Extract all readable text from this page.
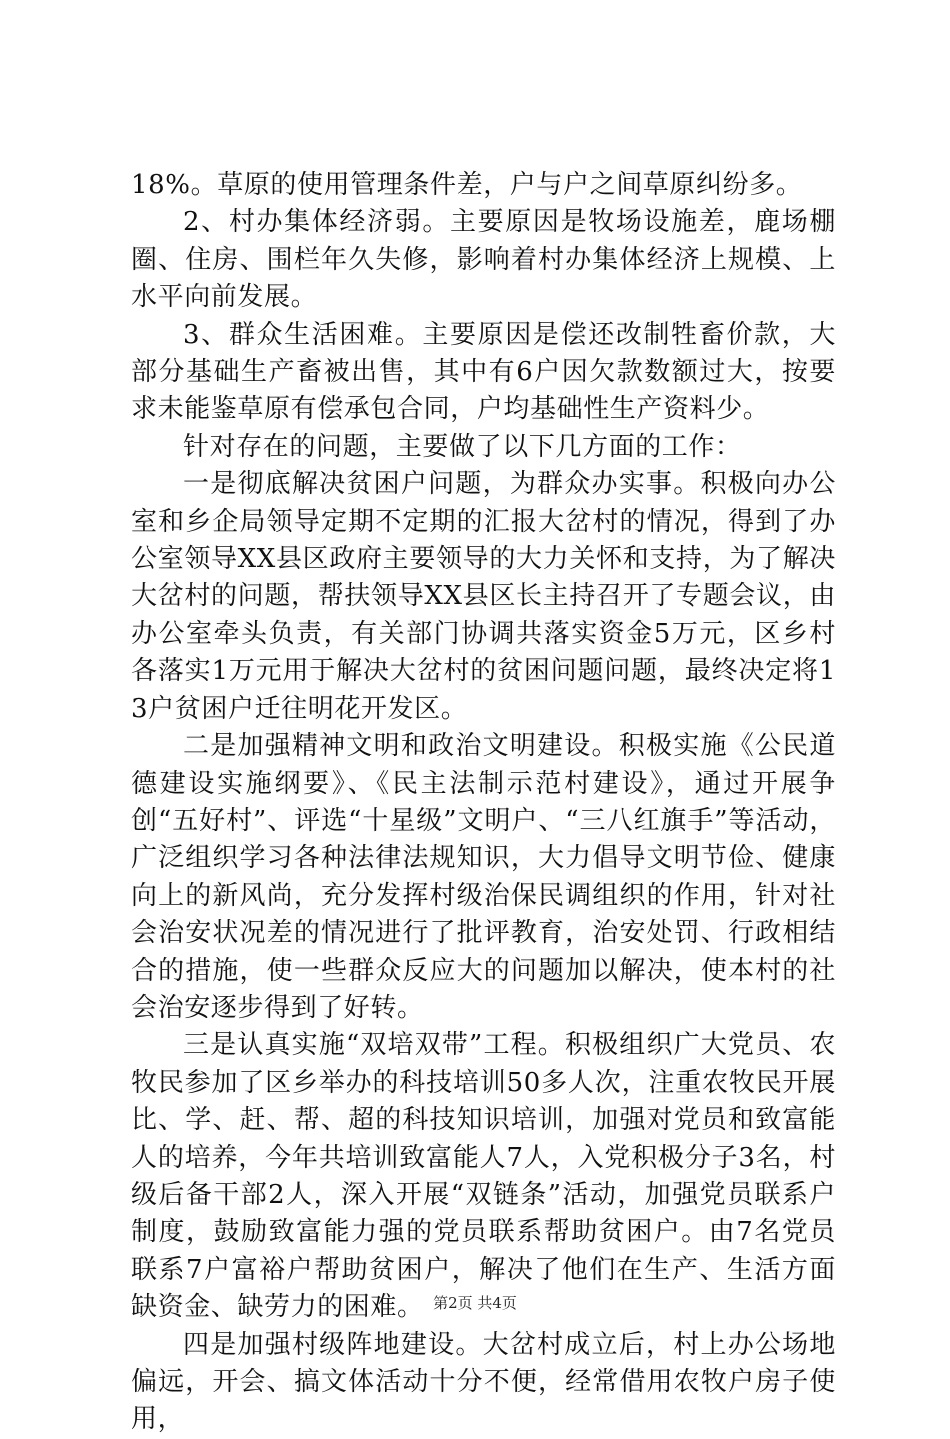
18%。草原的使用管理条件差，户与户之间草原纠纷多。

2、村办集体经济弱。主要原因是牧场设施差，鹿场棚圈、住房、围栏年久失修，影响着村办集体经济上规模、上水平向前发展。

3、群众生活困难。主要原因是偿还改制牲畜价款，大部分基础生产畜被出售，其中有6户因欠款数额过大，按要求未能鉴草原有偿承包合同，户均基础性生产资料少。

针对存在的问题，主要做了以下几方面的工作：

一是彻底解决贫困户问题，为群众办实事。积极向办公室和乡企局领导定期不定期的汇报大岔村的情况，得到了办公室领导XX县区政府主要领导的大力关怀和支持，为了解决大岔村的问题，帮扶领导XX县区长主持召开了专题会议，由办公室牵头负责，有关部门协调共落实资金5万元，区乡村各落实1万元用于解决大岔村的贫困问题问题，最终决定将13户贫困户迁往明花开发区。

二是加强精神文明和政治文明建设。积极实施《公民道德建设实施纲要》、《民主法制示范村建设》，通过开展争创“五好村”、评选“十星级”文明户、“三八红旗手”等活动，广泛组织学习各种法律法规知识，大力倡导文明节俭、健康向上的新风尚，充分发挥村级治保民调组织的作用，针对社会治安状况差的情况进行了批评教育，治安处罚、行政相结合的措施，使一些群众反应大的问题加以解决，使本村的社会治安逐步得到了好转。

三是认真实施“双培双带”工程。积极组织广大党员、农牧民参加了区乡举办的科技培训50多人次，注重农牧民开展比、学、赶、帮、超的科技知识培训，加强对党员和致富能人的培养，今年共培训致富能人7人，入党积极分子3名，村级后备干部2人，深入开展“双链条”活动，加强党员联系户制度，鼓励致富能力强的党员联系帮助贫困户。由7名党员联系7户富裕户帮助贫困户，解决了他们在生产、生活方面缺资金、缺劳力的困难。

四是加强村级阵地建设。大岔村成立后，村上办公场地偏远，开会、搞文体活动十分不便，经常借用农牧户房子使用，

第2页 共4页
